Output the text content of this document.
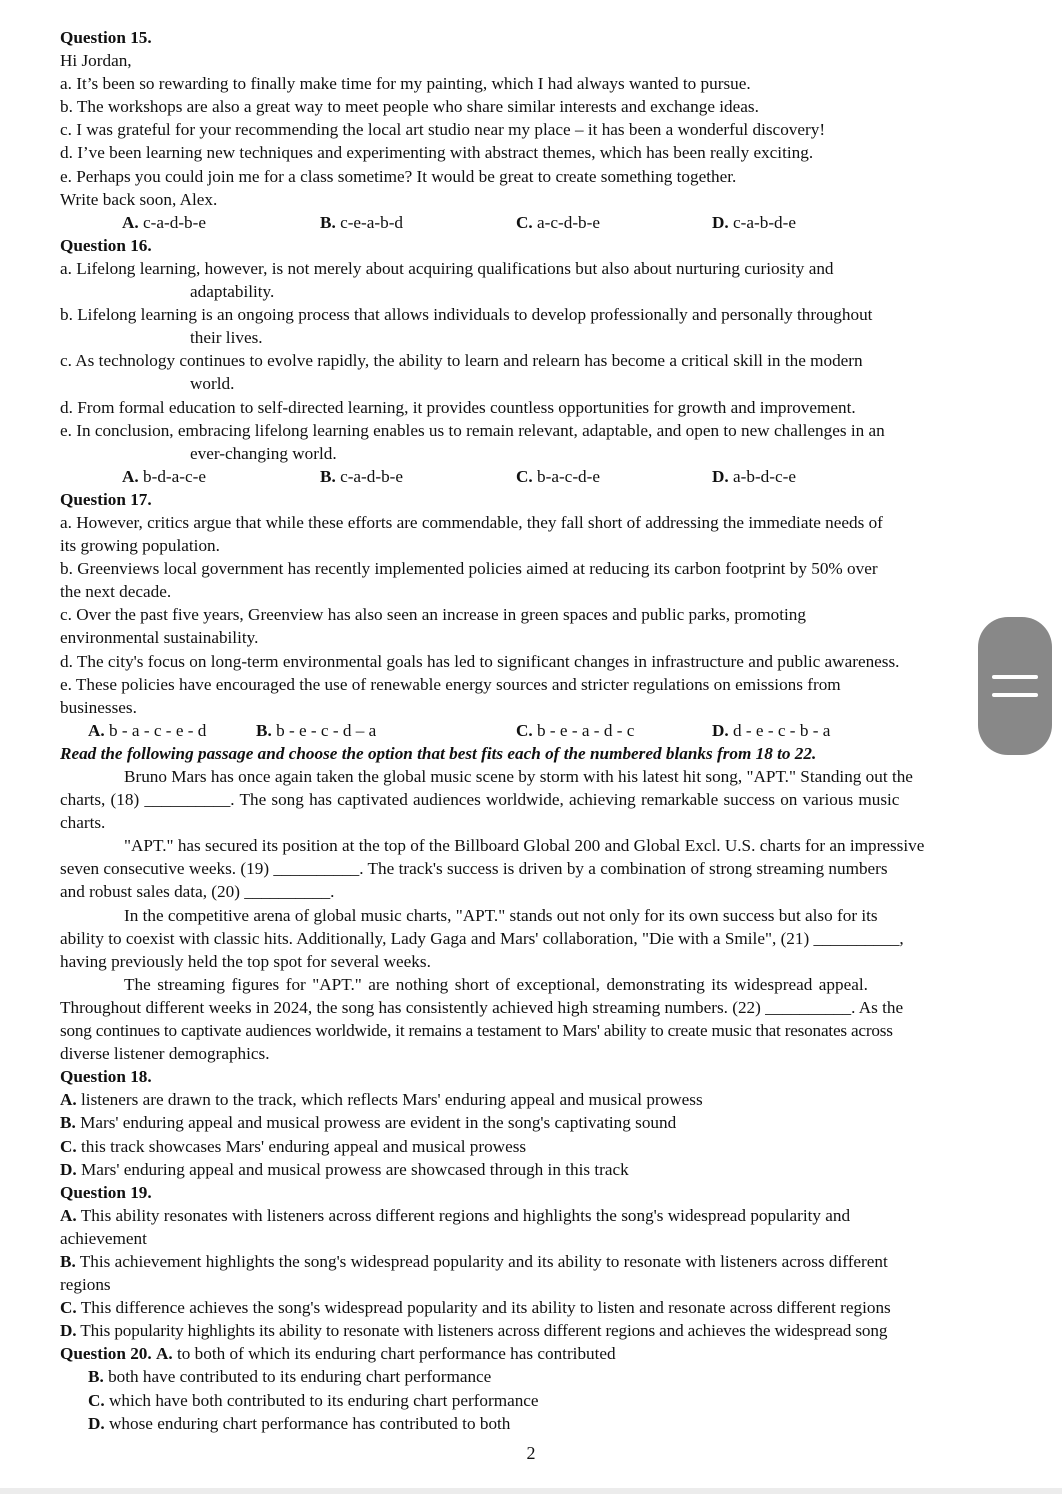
Question 15.
Hi Jordan,
a. It’s been so rewarding to finally make time for my painting, which I had always wanted to pursue.
b. The workshops are also a great way to meet people who share similar interests and exchange ideas.
c. I was grateful for your recommending the local art studio near my place – it has been a wonderful discovery!
d. I’ve been learning new techniques and experimenting with abstract themes, which has been really exciting.
e. Perhaps you could join me for a class sometime? It would be great to create something together.
Write back soon, Alex.
A. c-a-d-b-e	B. c-e-a-b-d	C. a-c-d-b-e	D. c-a-b-d-e
Question 16.
a. Lifelong learning, however, is not merely about acquiring qualifications but also about nurturing curiosity and
adaptability.
b. Lifelong learning is an ongoing process that allows individuals to develop professionally and personally throughout
their lives.
c. As technology continues to evolve rapidly, the ability to learn and relearn has become a critical skill in the modern
world.
d. From formal education to self-directed learning, it provides countless opportunities for growth and improvement.
e. In conclusion, embracing lifelong learning enables us to remain relevant, adaptable, and open to new challenges in an
ever-changing world.
A. b-d-a-c-e	B. c-a-d-b-e	C. b-a-c-d-e	D. a-b-d-c-e
Question 17.
a. However, critics argue that while these efforts are commendable, they fall short of addressing the immediate needs of
its growing population.
b. Greenviews local government has recently implemented policies aimed at reducing its carbon footprint by 50% over
the next decade.
c. Over the past five years, Greenview has also seen an increase in green spaces and public parks, promoting
environmental sustainability.
d. The city's focus on long-term environmental goals has led to significant changes in infrastructure and public awareness.
e. These policies have encouraged the use of renewable energy sources and stricter regulations on emissions from
businesses.
A. b - a - c - e - d	B. b - e - c - d – a	C. b - e - a - d - c	D. d - e - c - b - a
Read the following passage and choose the option that best fits each of the numbered blanks from 18 to 22.
Bruno Mars has once again taken the global music scene by storm with his latest hit song, "APT." Standing out the
charts, (18) __________. The song has captivated audiences worldwide, achieving remarkable success on various music
charts.
"APT." has secured its position at the top of the Billboard Global 200 and Global Excl. U.S. charts for an impressive
seven consecutive weeks. (19) __________. The track's success is driven by a combination of strong streaming numbers
and robust sales data, (20) __________.
In the competitive arena of global music charts, "APT." stands out not only for its own success but also for its
ability to coexist with classic hits. Additionally, Lady Gaga and Mars' collaboration, "Die with a Smile", (21) __________,
having previously held the top spot for several weeks.
The streaming figures for "APT." are nothing short of exceptional, demonstrating its widespread appeal.
Throughout different weeks in 2024, the song has consistently achieved high streaming numbers. (22) __________. As the
song continues to captivate audiences worldwide, it remains a testament to Mars' ability to create music that resonates across
diverse listener demographics.
Question 18.
A. listeners are drawn to the track, which reflects Mars' enduring appeal and musical prowess
B. Mars' enduring appeal and musical prowess are evident in the song's captivating sound
C. this track showcases Mars' enduring appeal and musical prowess
D. Mars' enduring appeal and musical prowess are showcased through in this track
Question 19.
A. This ability resonates with listeners across different regions and highlights the song's widespread popularity and
achievement
B. This achievement highlights the song's widespread popularity and its ability to resonate with listeners across different
regions
C. This difference achieves the song's widespread popularity and its ability to listen and resonate across different regions
D. This popularity highlights its ability to resonate with listeners across different regions and achieves the widespread song
Question 20. A. to both of which its enduring chart performance has contributed
B. both have contributed to its enduring chart performance
C. which have both contributed to its enduring chart performance
D. whose enduring chart performance has contributed to both
2
